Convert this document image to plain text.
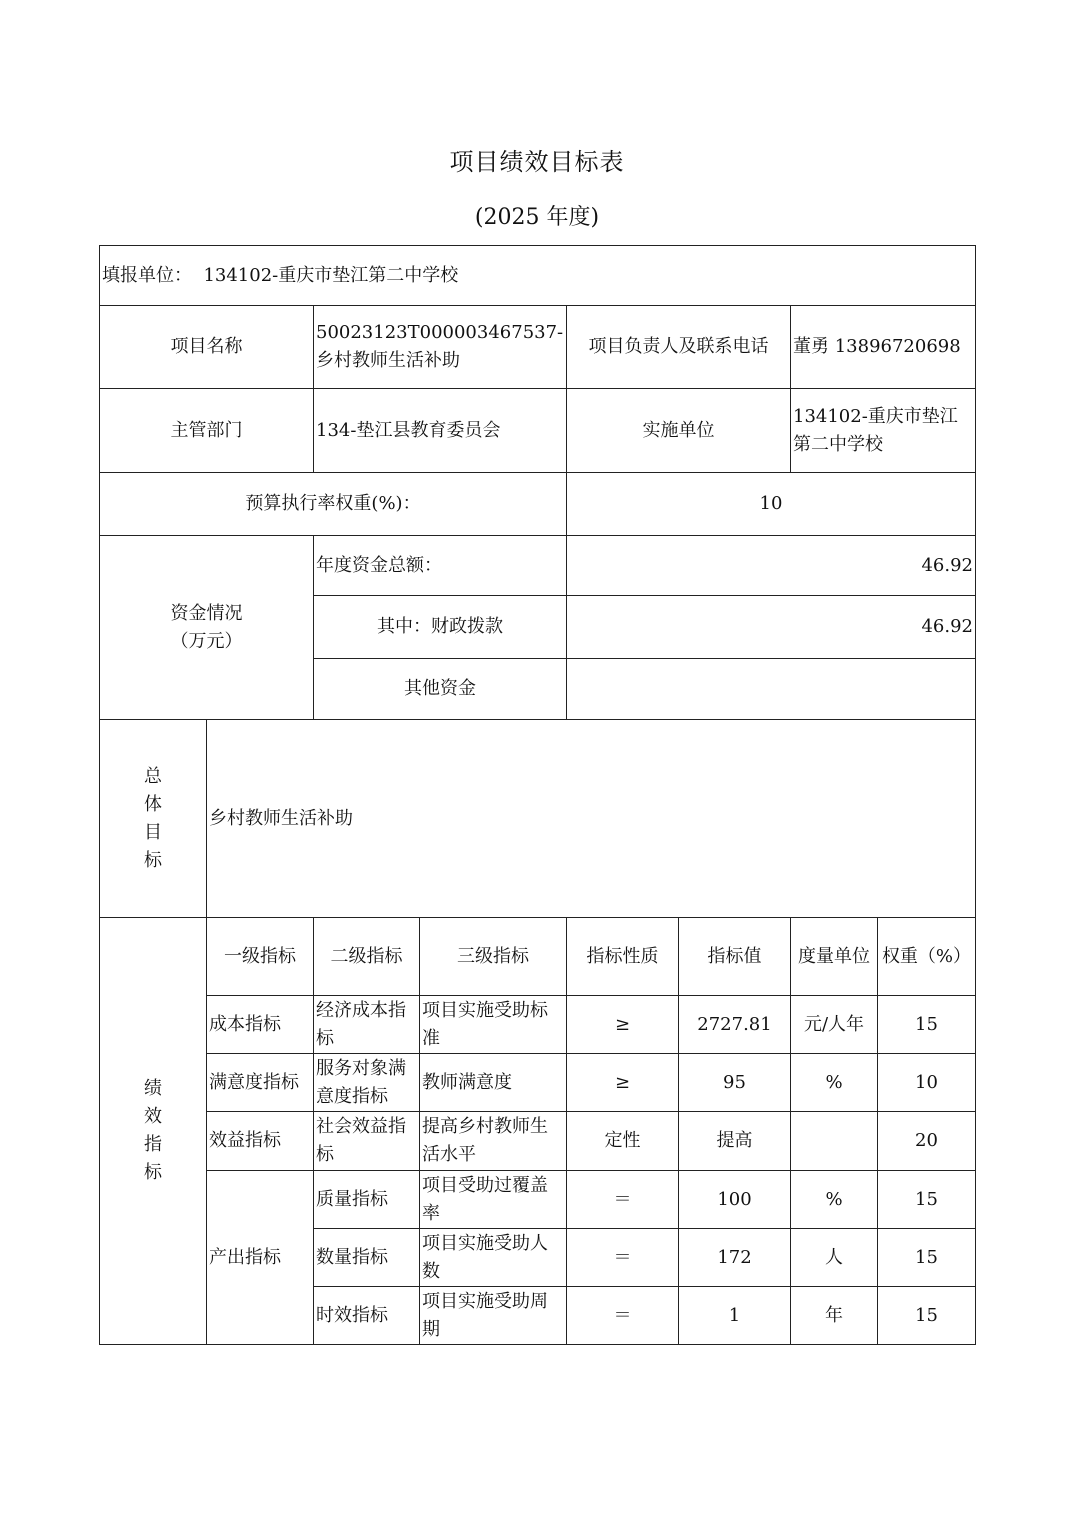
项目绩效目标表
(2025 年度)
填报单位： 134102-重庆市垫江第二中学校							
项目名称		50023123T000003467537-乡村教师生活补助		项目负责人及联系电话		董勇 13896720698	
主管部门		134-垫江县教育委员会		实施单位		134102-重庆市垫江第二中学校	
预算执行率权重(%)：				10			

资金情况（万元）		年度资金总额：		46.92			
		其中：财政拨款		46.92			
		其他资金					

总体目标	乡村教师生活补助						

绩效指标	一级指标	二级指标	三级指标	指标性质	指标值	度量单位	权重（%）
	成本指标	经济成本指标	项目实施受助标准	≥	2727.81	元/人年	15
	满意度指标	服务对象满意度指标	教师满意度	≥	95	%	10
	效益指标	社会效益指标	提高乡村教师生活水平	定性	提高		20
	产出指标	质量指标	项目受助过覆盖率	＝	100	%	15
		数量指标	项目实施受助人数	＝	172	人	15
		时效指标	项目实施受助周期	＝	1	年	15
